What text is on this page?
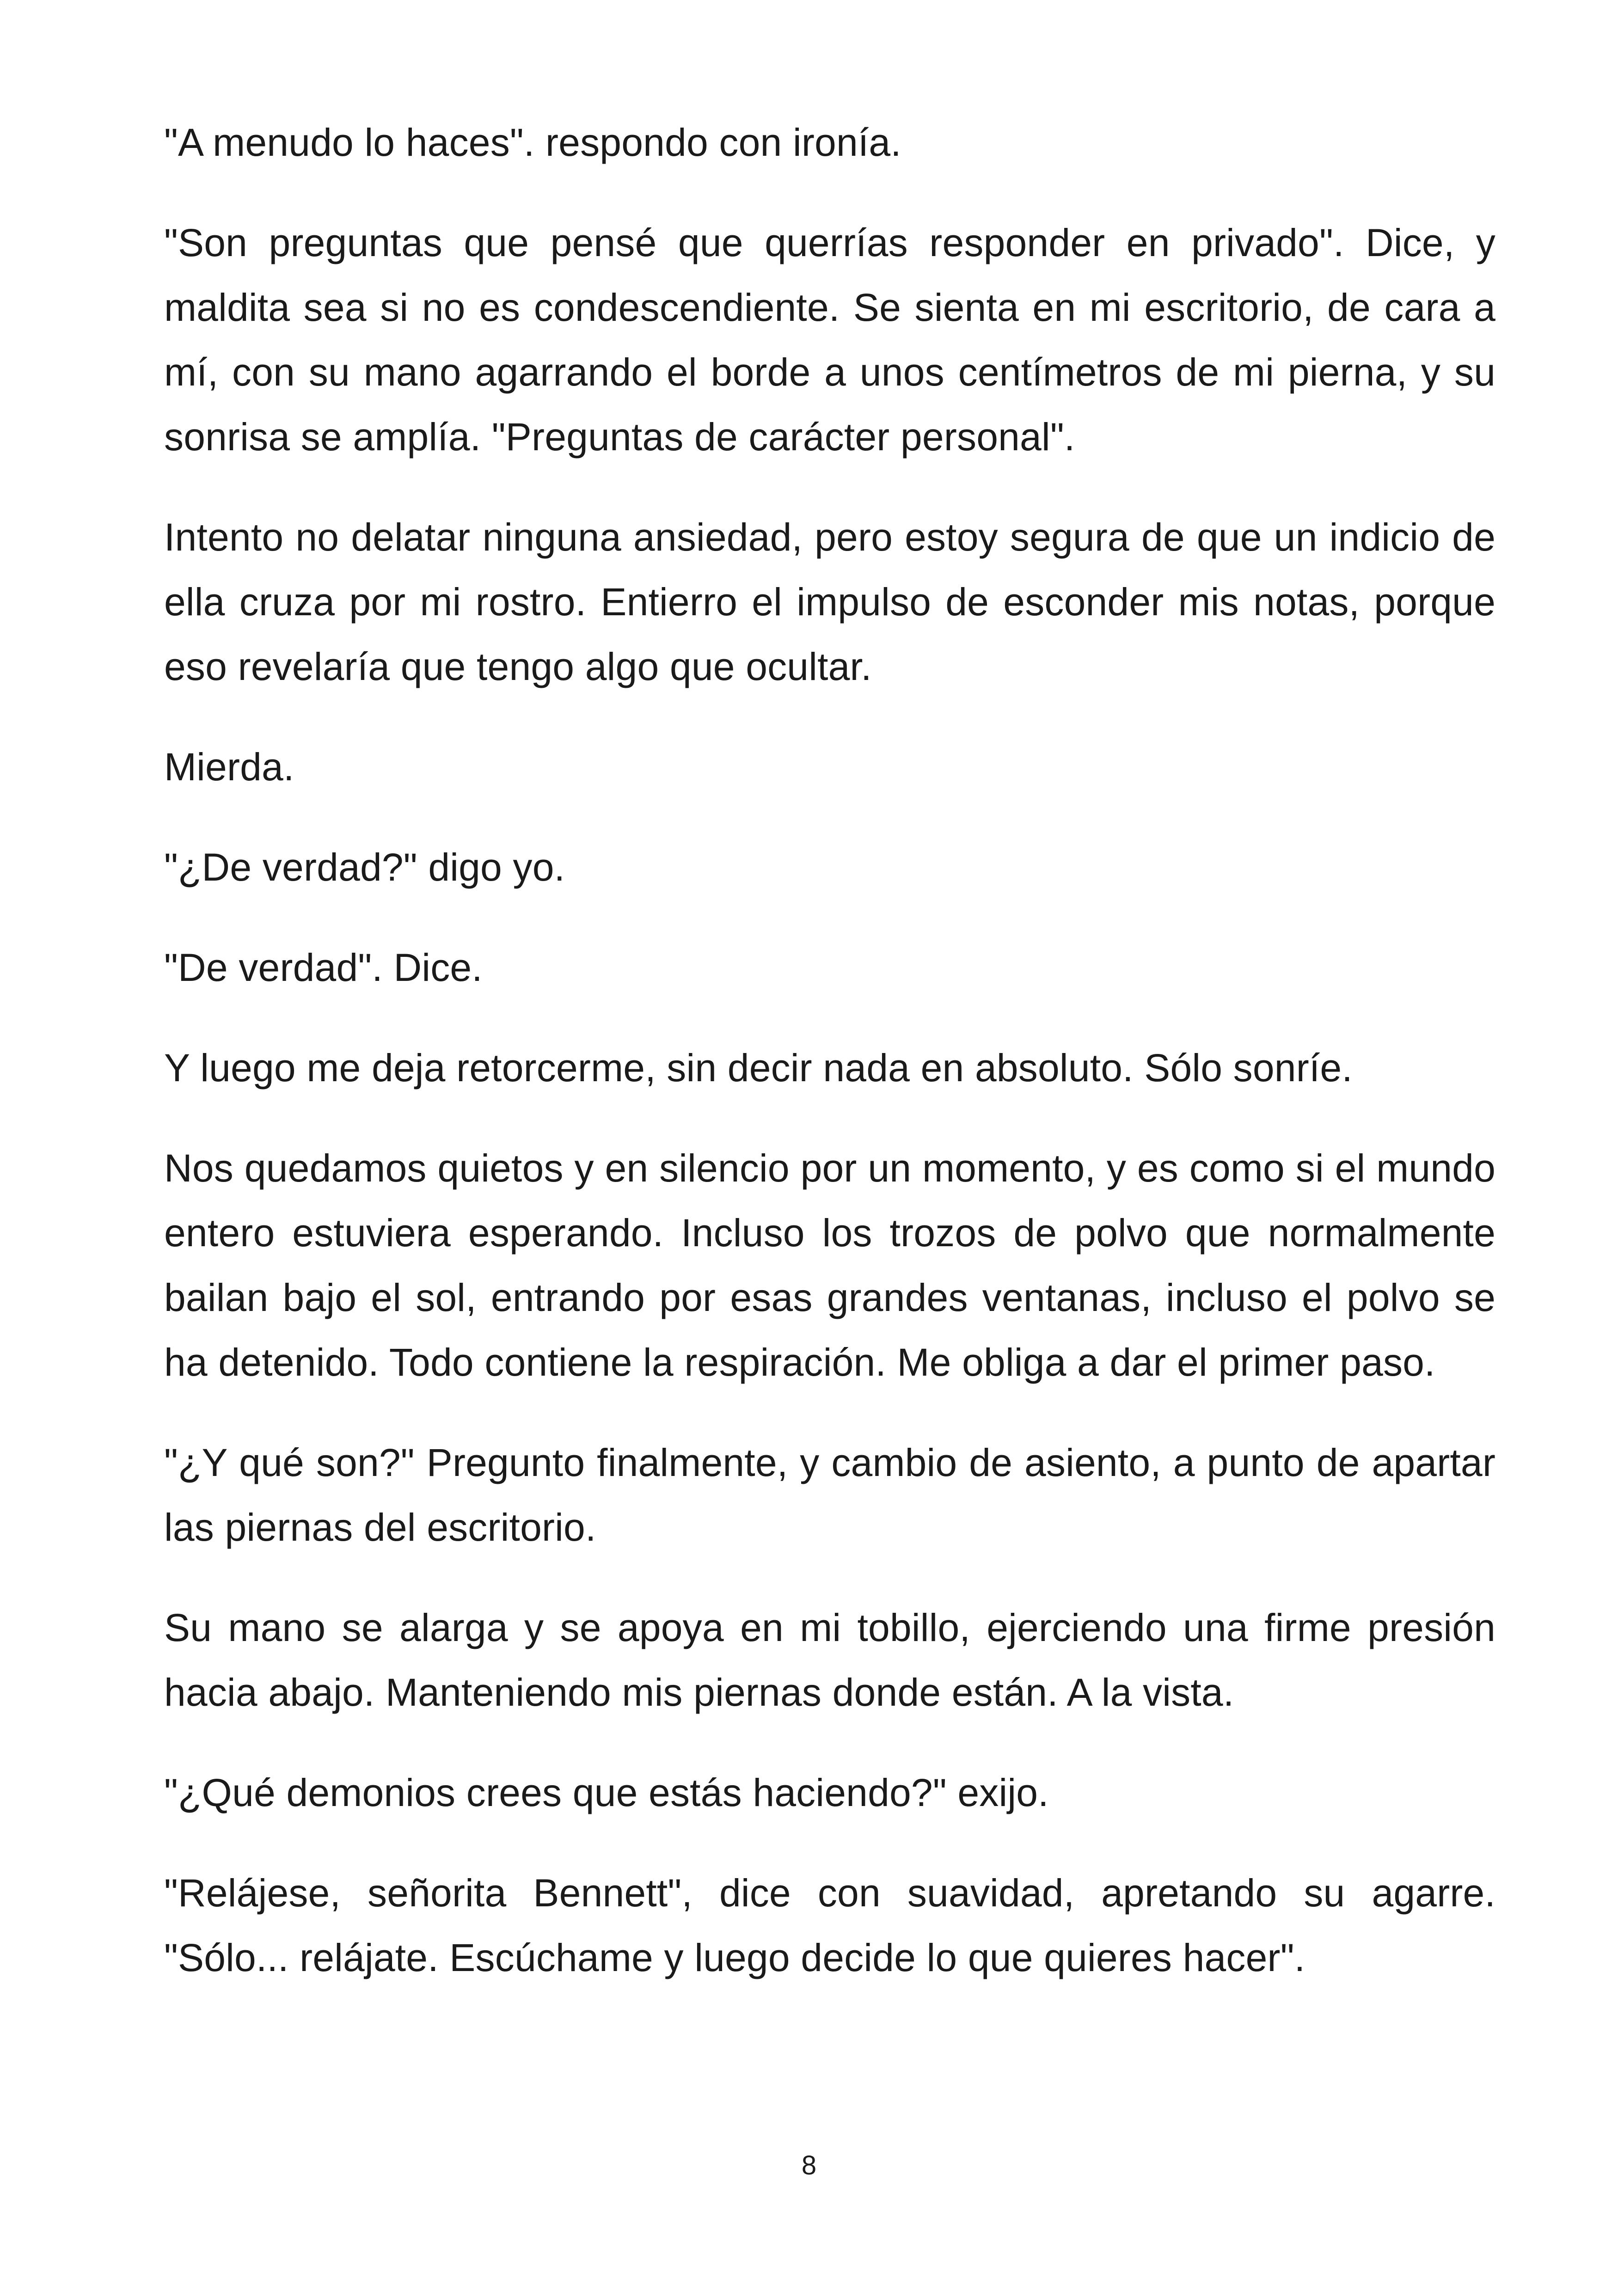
"A menudo lo haces". respondo con ironía.

"Son preguntas que pensé que querrías responder en privado". Dice, y maldita sea si no es condescendiente. Se sienta en mi escritorio, de cara a mí, con su mano agarrando el borde a unos centímetros de mi pierna, y su sonrisa se amplía. "Preguntas de carácter personal".

Intento no delatar ninguna ansiedad, pero estoy segura de que un indicio de ella cruza por mi rostro. Entierro el impulso de esconder mis notas, porque eso revelaría que tengo algo que ocultar.

Mierda.

"¿De verdad?" digo yo.

"De verdad". Dice.

Y luego me deja retorcerme, sin decir nada en absoluto. Sólo sonríe.

Nos quedamos quietos y en silencio por un momento, y es como si el mundo entero estuviera esperando. Incluso los trozos de polvo que normalmente bailan bajo el sol, entrando por esas grandes ventanas, incluso el polvo se ha detenido. Todo contiene la respiración. Me obliga a dar el primer paso.

"¿Y qué son?" Pregunto finalmente, y cambio de asiento, a punto de apartar las piernas del escritorio.

Su mano se alarga y se apoya en mi tobillo, ejerciendo una firme presión hacia abajo. Manteniendo mis piernas donde están. A la vista.

"¿Qué demonios crees que estás haciendo?" exijo.

"Relájese, señorita Bennett", dice con suavidad, apretando su agarre. "Sólo... relájate. Escúchame y luego decide lo que quieres hacer".

8
